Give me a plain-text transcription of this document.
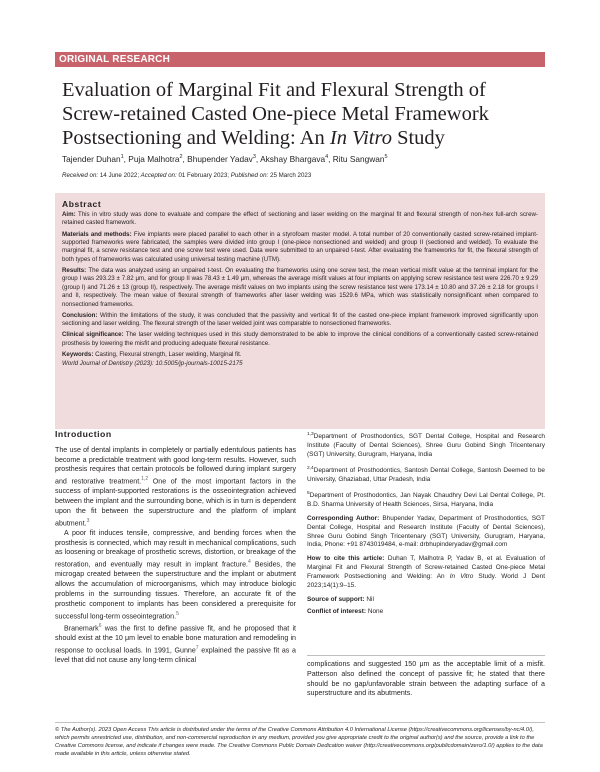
ORIGINAL RESEARCH
Evaluation of Marginal Fit and Flexural Strength of Screw-retained Casted One-piece Metal Framework Postsectioning and Welding: An In Vitro Study
Tajender Duhan$^1$, Puja Malhotra$^2$, Bhupender Yadav$^3$, Akshay Bhargava$^4$, Ritu Sangwan$^5$
Received on: 14 June 2022; Accepted on: 01 February 2023; Published on: 25 March 2023
Abstract

Aim: This in vitro study was done to evaluate and compare the effect of sectioning and laser welding on the marginal fit and flexural strength of non-hex full-arch screw-retained casted framework.

Materials and methods: Five implants were placed parallel to each other in a styrofoam master model. A total number of 20 conventionally casted screw-retained implant-supported frameworks were fabricated, the samples were divided into group I (one-piece nonsectioned and welded) and group II (sectioned and welded). To evaluate the marginal fit, a screw resistance test and one screw test were used. Data were submitted to an unpaired t-test. After evaluating the frameworks for fit, the flexural strength of both types of frameworks was calculated using universal testing machine (UTM).

Results: The data was analyzed using an unpaired t-test. On evaluating the frameworks using one screw test, the mean vertical misfit value at the terminal implant for the group I was 293.23 ± 7.82 μm, and for group II was 78.43 ± 1.49 μm, whereas the average misfit values at four implants on applying screw resistance test were 226.70 ± 9.29 (group I) and 71.26 ± 13 (group II), respectively. The average misfit values on two implants using the screw resistance test were 173.14 ± 10.80 and 37.26 ± 2.18 for groups I and II, respectively. The mean value of flexural strength of frameworks after laser welding was 1529.6 MPa, which was statistically nonsignificant when compared to nonsectioned frameworks.

Conclusion: Within the limitations of the study, it was concluded that the passivity and vertical fit of the casted one-piece implant framework improved significantly upon sectioning and laser welding. The flexural strength of the laser welded joint was comparable to nonsectioned frameworks.

Clinical significance: The laser welding techniques used in this study demonstrated to be able to improve the clinical conditions of a conventionally casted screw-retained prosthesis by lowering the misfit and producing adequate flexural resistance.

Keywords: Casting, Flexural strength, Laser welding, Marginal fit.

World Journal of Dentistry (2023): 10.5005/jp-journals-10015-2175

Introduction

The use of dental implants in completely or partially edentulous patients has become a predictable treatment with good long-term results. However, such prosthesis requires that certain protocols be followed during implant surgery and restorative treatment.$^{1,2}$ One of the most important factors in the success of implant-supported restorations is the osseointegration achieved between the implant and the surrounding bone, which is in turn is dependent upon the fit between the superstructure and the platform of implant abutment.$^3$

A poor fit induces tensile, compressive, and bending forces when the prosthesis is connected, which may result in mechanical complications, such as loosening or breakage of prosthetic screws, distortion, or breakage of the restoration, and eventually may result in implant fracture.$^4$ Besides, the microgap created between the superstructure and the implant or abutment allows the accumulation of microorganisms, which may introduce biologic problems in the surrounding tissues. Therefore, an accurate fit of the prosthetic component to implants has been considered a prerequisite for successful long-term osseointegration.$^5$

Branemark$^6$ was the first to define passive fit, and he proposed that it should exist at the 10 μm level to enable bone maturation and remodeling in response to occlusal loads. In 1991, Gunne$^7$ explained the passive fit as a level that did not cause any long-term clinical

$^{1,3}$Department of Prosthodontics, SGT Dental College, Hospital and Research Institute (Faculty of Dental Sciences), Shree Guru Gobind Singh Tricentenary (SGT) University, Gurugram, Haryana, India
$^{2,4}$Department of Prosthodontics, Santosh Dental College, Santosh Deemed to be University, Ghaziabad, Uttar Pradesh, India
$^5$Department of Prosthodontics, Jan Nayak Chaudhry Devi Lal Dental College, Pt. B.D. Sharma University of Health Sciences, Sirsa, Haryana, India
Corresponding Author: Bhupender Yadav, Department of Prosthodontics, SGT Dental College, Hospital and Research Institute (Faculty of Dental Sciences), Shree Guru Gobind Singh Tricentenary (SGT) University, Gurugram, Haryana, India, Phone: +91 8743019484, e-mail: drbhupinderyadav@gmail.com
How to cite this article: Duhan T, Malhotra P, Yadav B, et al. Evaluation of Marginal Fit and Flexural Strength of Screw-retained Casted One-piece Metal Framework Postsectioning and Welding: An In Vitro Study. World J Dent 2023;14(1):9–15.
Source of support: Nil
Conflict of interest: None
complications and suggested 150 μm as the acceptable limit of a misfit. Patterson also defined the concept of passive fit; he stated that there should be no gap/unfavorable strain between the adapting surface of a superstructure and its abutments.
© The Author(s). 2023 Open Access This article is distributed under the terms of the Creative Commons Attribution 4.0 International License (https://creativecommons.org/licenses/by-nc/4.0/), which permits unrestricted use, distribution, and non-commercial reproduction in any medium, provided you give appropriate credit to the original author(s) and the source, provide a link to the Creative Commons license, and indicate if changes were made. The Creative Commons Public Domain Dedication waiver (http://creativecommons.org/publicdomain/zero/1.0/) applies to the data made available in this article, unless otherwise stated.
